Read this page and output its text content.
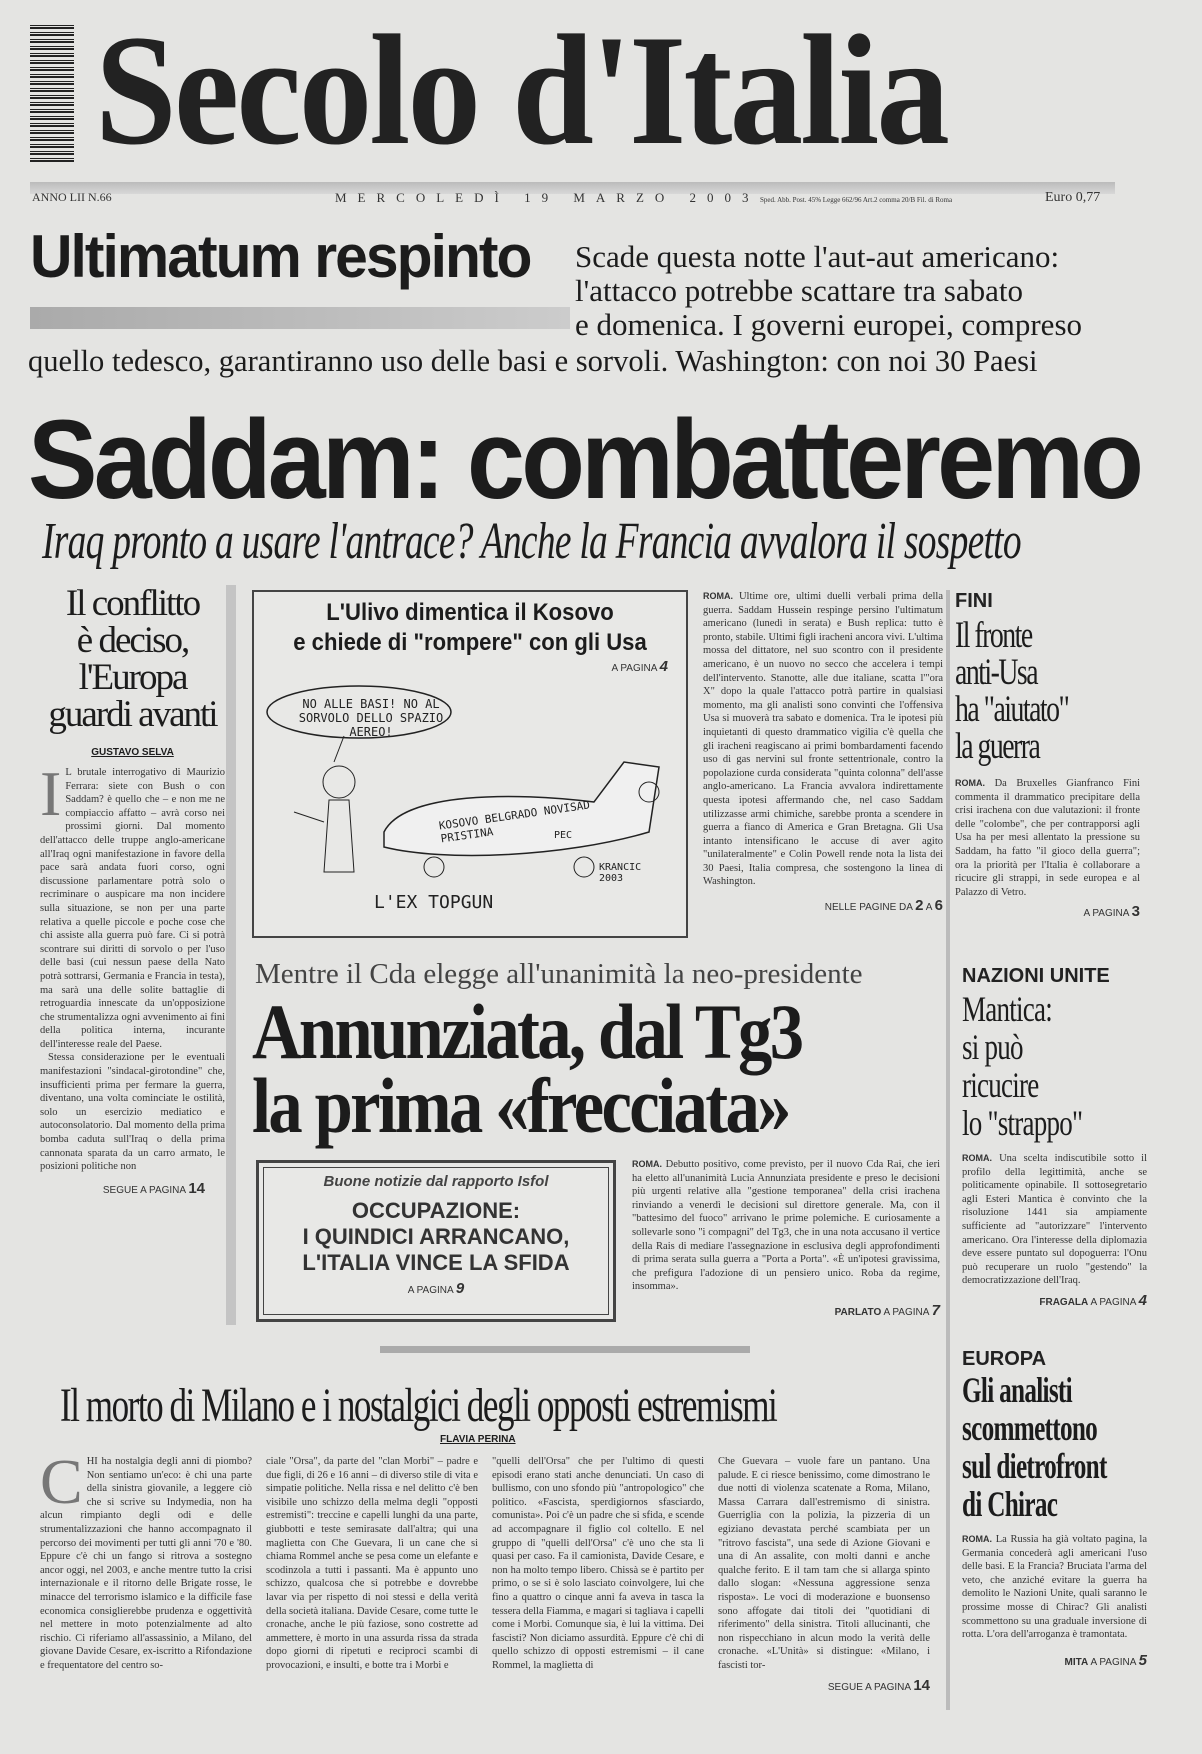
Secolo d'Italia
ANNO LII N.66	MERCOLEDÌ 19 MARZO 2003 Sped. Abb. Post. 45% Legge 662/96 Art.2 comma 20/B Fil. di Roma	Euro 0,77
Ultimatum respinto Scade questa notte l'aut-aut americano:
l'attacco potrebbe scattare tra sabato
e domenica. I governi europei, compreso
quello tedesco, garantiranno uso delle basi e sorvoli. Washington: con noi 30 Paesi
Saddam: combatteremo
Iraq pronto a usare l'antrace? Anche la Francia avvalora il sospetto
Il conflitto
è deciso,
l'Europa
guardi avanti
GUSTAVO SELVA
I L brutale interrogativo di Maurizio Ferrara: siete con Bush o con Saddam? è quello che – e non me ne compiaccio affatto – avrà corso nei prossimi giorni. Dal momento dell'attacco delle truppe anglo-americane all'Iraq ogni manifestazione in favore della pace sarà andata fuori corso, ogni discussione parlamentare potrà solo o recriminare o auspicare ma non incidere sulla situazione, se non per una parte relativa a quelle piccole e poche cose che chi assiste alla guerra può fare. Ci si potrà scontrare sui diritti di sorvolo o per l'uso delle basi (cui nessun paese della Nato potrà sottrarsi, Germania e Francia in testa), ma sarà una delle solite battaglie di retroguardia innescate da un'opposizione che strumentalizza ogni avvenimento ai fini della politica interna, incurante dell'interesse reale del Paese.
Stessa considerazione per le eventuali manifestazioni "sindacal-girotondine" che, insufficienti prima per fermare la guerra, diventano, una volta cominciate le ostilità, solo un esercizio mediatico e autoconsolatorio. Dal momento della prima bomba caduta sull'Iraq o della prima cannonata sparata da un carro armato, le posizioni politiche non
SEGUE A PAGINA 14
L'Ulivo dimentica il Kosovo
e chiede di "rompere" con gli Usa
A PAGINA 4
NO ALLE BASI! NO AL SORVOLO DELLO SPAZIO AEREO!
KOSOVO BELGRADO NOVISAD PRISTINA	PEC
L'EX TOPGUN
KRANCIC 2003
ROMA. Ultime ore, ultimi duelli verbali prima della guerra. Saddam Hussein respinge persino l'ultimatum americano (lunedì in serata) e Bush replica: tutto è pronto, stabile. Ultimi figli iracheni ancora vivi. L'ultima mossa del dittatore, nel suo scontro con il presidente americano, è un nuovo no secco che accelera i tempi dell'intervento. Stanotte, alle due italiane, scatta l'"ora X" dopo la quale l'attacco potrà partire in qualsiasi momento, ma gli analisti sono convinti che l'offensiva Usa si muoverà tra sabato e domenica. Tra le ipotesi più inquietanti di questo drammatico vigilia c'è quella che gli iracheni reagiscano ai primi bombardamenti facendo uso di gas nervini sul fronte settentrionale, contro la popolazione curda considerata "quinta colonna" dell'asse anglo-americano. La Francia avvalora indirettamente questa ipotesi affermando che, nel caso Saddam utilizzasse armi chimiche, sarebbe pronta a scendere in guerra a fianco di America e Gran Bretagna. Gli Usa intanto intensificano le accuse di aver agito "unilateralmente" e Colin Powell rende nota la lista dei 30 Paesi, Italia compresa, che sostengono la linea di Washington.
NELLE PAGINE DA 2 A 6
FINI
Il fronte
anti-Usa
ha "aiutato"
la guerra
ROMA. Da Bruxelles Gianfranco Fini commenta il drammatico precipitare della crisi irachena con due valutazioni: il fronte delle "colombe", che per contrapporsi agli Usa ha per mesi allentato la pressione su Saddam, ha fatto "il gioco della guerra"; ora la priorità per l'Italia è collaborare a ricucire gli strappi, in sede europea e al Palazzo di Vetro.
A PAGINA 3
Mentre il Cda elegge all'unanimità la neo-presidente
Annunziata, dal Tg3
la prima «frecciata»
Buone notizie dal rapporto Isfol
OCCUPAZIONE:
I QUINDICI ARRANCANO,
L'ITALIA VINCE LA SFIDA
A PAGINA 9
ROMA. Debutto positivo, come previsto, per il nuovo Cda Rai, che ieri ha eletto all'unanimità Lucia Annunziata presidente e preso le decisioni più urgenti relative alla "gestione temporanea" della crisi irachena rinviando a venerdì le decisioni sul direttore generale. Ma, con il "battesimo del fuoco" arrivano le prime polemiche. E curiosamente a sollevarle sono "i compagni" del Tg3, che in una nota accusano il vertice della Rais di mediare l'assegnazione in esclusiva degli approfondimenti di prima serata sulla guerra a "Porta a Porta". «È un'ipotesi gravissima, che prefigura l'adozione di un pensiero unico. Roba da regime, insomma».
PARLATO A PAGINA 7
NAZIONI UNITE
Mantica:
si può
ricucire
lo "strappo"
ROMA. Una scelta indiscutibile sotto il profilo della legittimità, anche se politicamente opinabile. Il sottosegretario agli Esteri Mantica è convinto che la risoluzione 1441 sia ampiamente sufficiente ad "autorizzare" l'intervento americano. Ora l'interesse della diplomazia deve essere puntato sul dopoguerra: l'Onu può recuperare un ruolo "gestendo" la democratizzazione dell'Iraq.
FRAGALA A PAGINA 4
Il morto di Milano e i nostalgici degli opposti estremismi
FLAVIA PERINA
CHI ha nostalgia degli anni di piombo? Non sentiamo un'eco: è chi una parte della sinistra giovanile, a leggere ciò che si scrive su Indymedia, non ha alcun rimpianto degli odi e delle strumentalizzazioni che hanno accompagnato il percorso dei movimenti per tutti gli anni '70 e '80. Eppure c'è chi un fango si ritrova a sostegno ancor oggi, nel 2003, e anche mentre tutto la crisi internazionale e il ritorno delle Brigate rosse, le minacce del terrorismo islamico e la difficile fase economica consiglierebbe prudenza e oggettività nel mettere in moto potenzialmente ad alto rischio. Ci riferiamo all'assassinio, a Milano, del giovane Davide Cesare, ex-iscritto a Rifondazione e frequentatore del centro so-
ciale "Orsa", da parte del "clan Morbi" – padre e due figli, di 26 e 16 anni – di diverso stile di vita e simpatie politiche. Nella rissa e nel delitto c'è ben visibile uno schizzo della melma degli "opposti estremisti": treccine e capelli lunghi da una parte, giubbotti e teste semirasate dall'altra; qui una maglietta con Che Guevara, lì un cane che si chiama Rommel anche se pesa come un elefante e scodinzola a tutti i passanti. Ma è appunto uno schizzo, qualcosa che si potrebbe e dovrebbe lavar via per rispetto di noi stessi e della verità della società italiana. Davide Cesare, come tutte le cronache, anche le più faziose, sono costrette ad ammettere, è morto in una assurda rissa da strada dopo giorni di ripetuti e reciproci scambi di provocazioni, e insulti, e botte tra i Morbi e
"quelli dell'Orsa" che per l'ultimo di questi episodi erano stati anche denunciati. Un caso di bullismo, con uno sfondo più "antropologico" che politico. «Fascista, sperdigiornos sfasciardo, comunista». Poi c'è un padre che si sfida, e scende ad accompagnare il figlio col coltello. E nel gruppo di "quelli dell'Orsa" c'è uno che sta lì quasi per caso. Fa il camionista, Davide Cesare, e non ha molto tempo libero. Chissà se è partito per primo, o se si è solo lasciato coinvolgere, lui che fino a quattro o cinque anni fa aveva in tasca la tessera della Fiamma, e magari si tagliava i capelli come i Morbi. Comunque sia, è lui la vittima. Dei fascisti? Non diciamo assurdità. Eppure c'è chi di quello schizzo di opposti estremismi – il cane Rommel, la maglietta di
Che Guevara – vuole fare un pantano. Una palude. E ci riesce benissimo, come dimostrano le due notti di violenza scatenate a Roma, Milano, Massa Carrara dall'estremismo di sinistra. Guerriglia con la polizia, la pizzeria di un egiziano devastata perché scambiata per un "ritrovo fascista", una sede di Azione Giovani e una di An assalite, con molti danni e anche qualche ferito. E il tam tam che si allarga spinto dallo slogan: «Nessuna aggressione senza risposta». Le voci di moderazione e buonsenso sono affogate dai titoli dei "quotidiani di riferimento" della sinistra. Titoli allucinanti, che non rispecchiano in alcun modo la verità delle cronache. «L'Unità» si distingue: «Milano, i fascisti tor-
SEGUE A PAGINA 14
EUROPA
Gli analisti
scommettono
sul dietrofront
di Chirac
ROMA. La Russia ha già voltato pagina, la Germania concederà agli americani l'uso delle basi. E la Francia? Bruciata l'arma del veto, che anziché evitare la guerra ha demolito le Nazioni Unite, quali saranno le prossime mosse di Chirac? Gli analisti scommettono su una graduale inversione di rotta. L'ora dell'arroganza è tramontata.
MITA A PAGINA 5
